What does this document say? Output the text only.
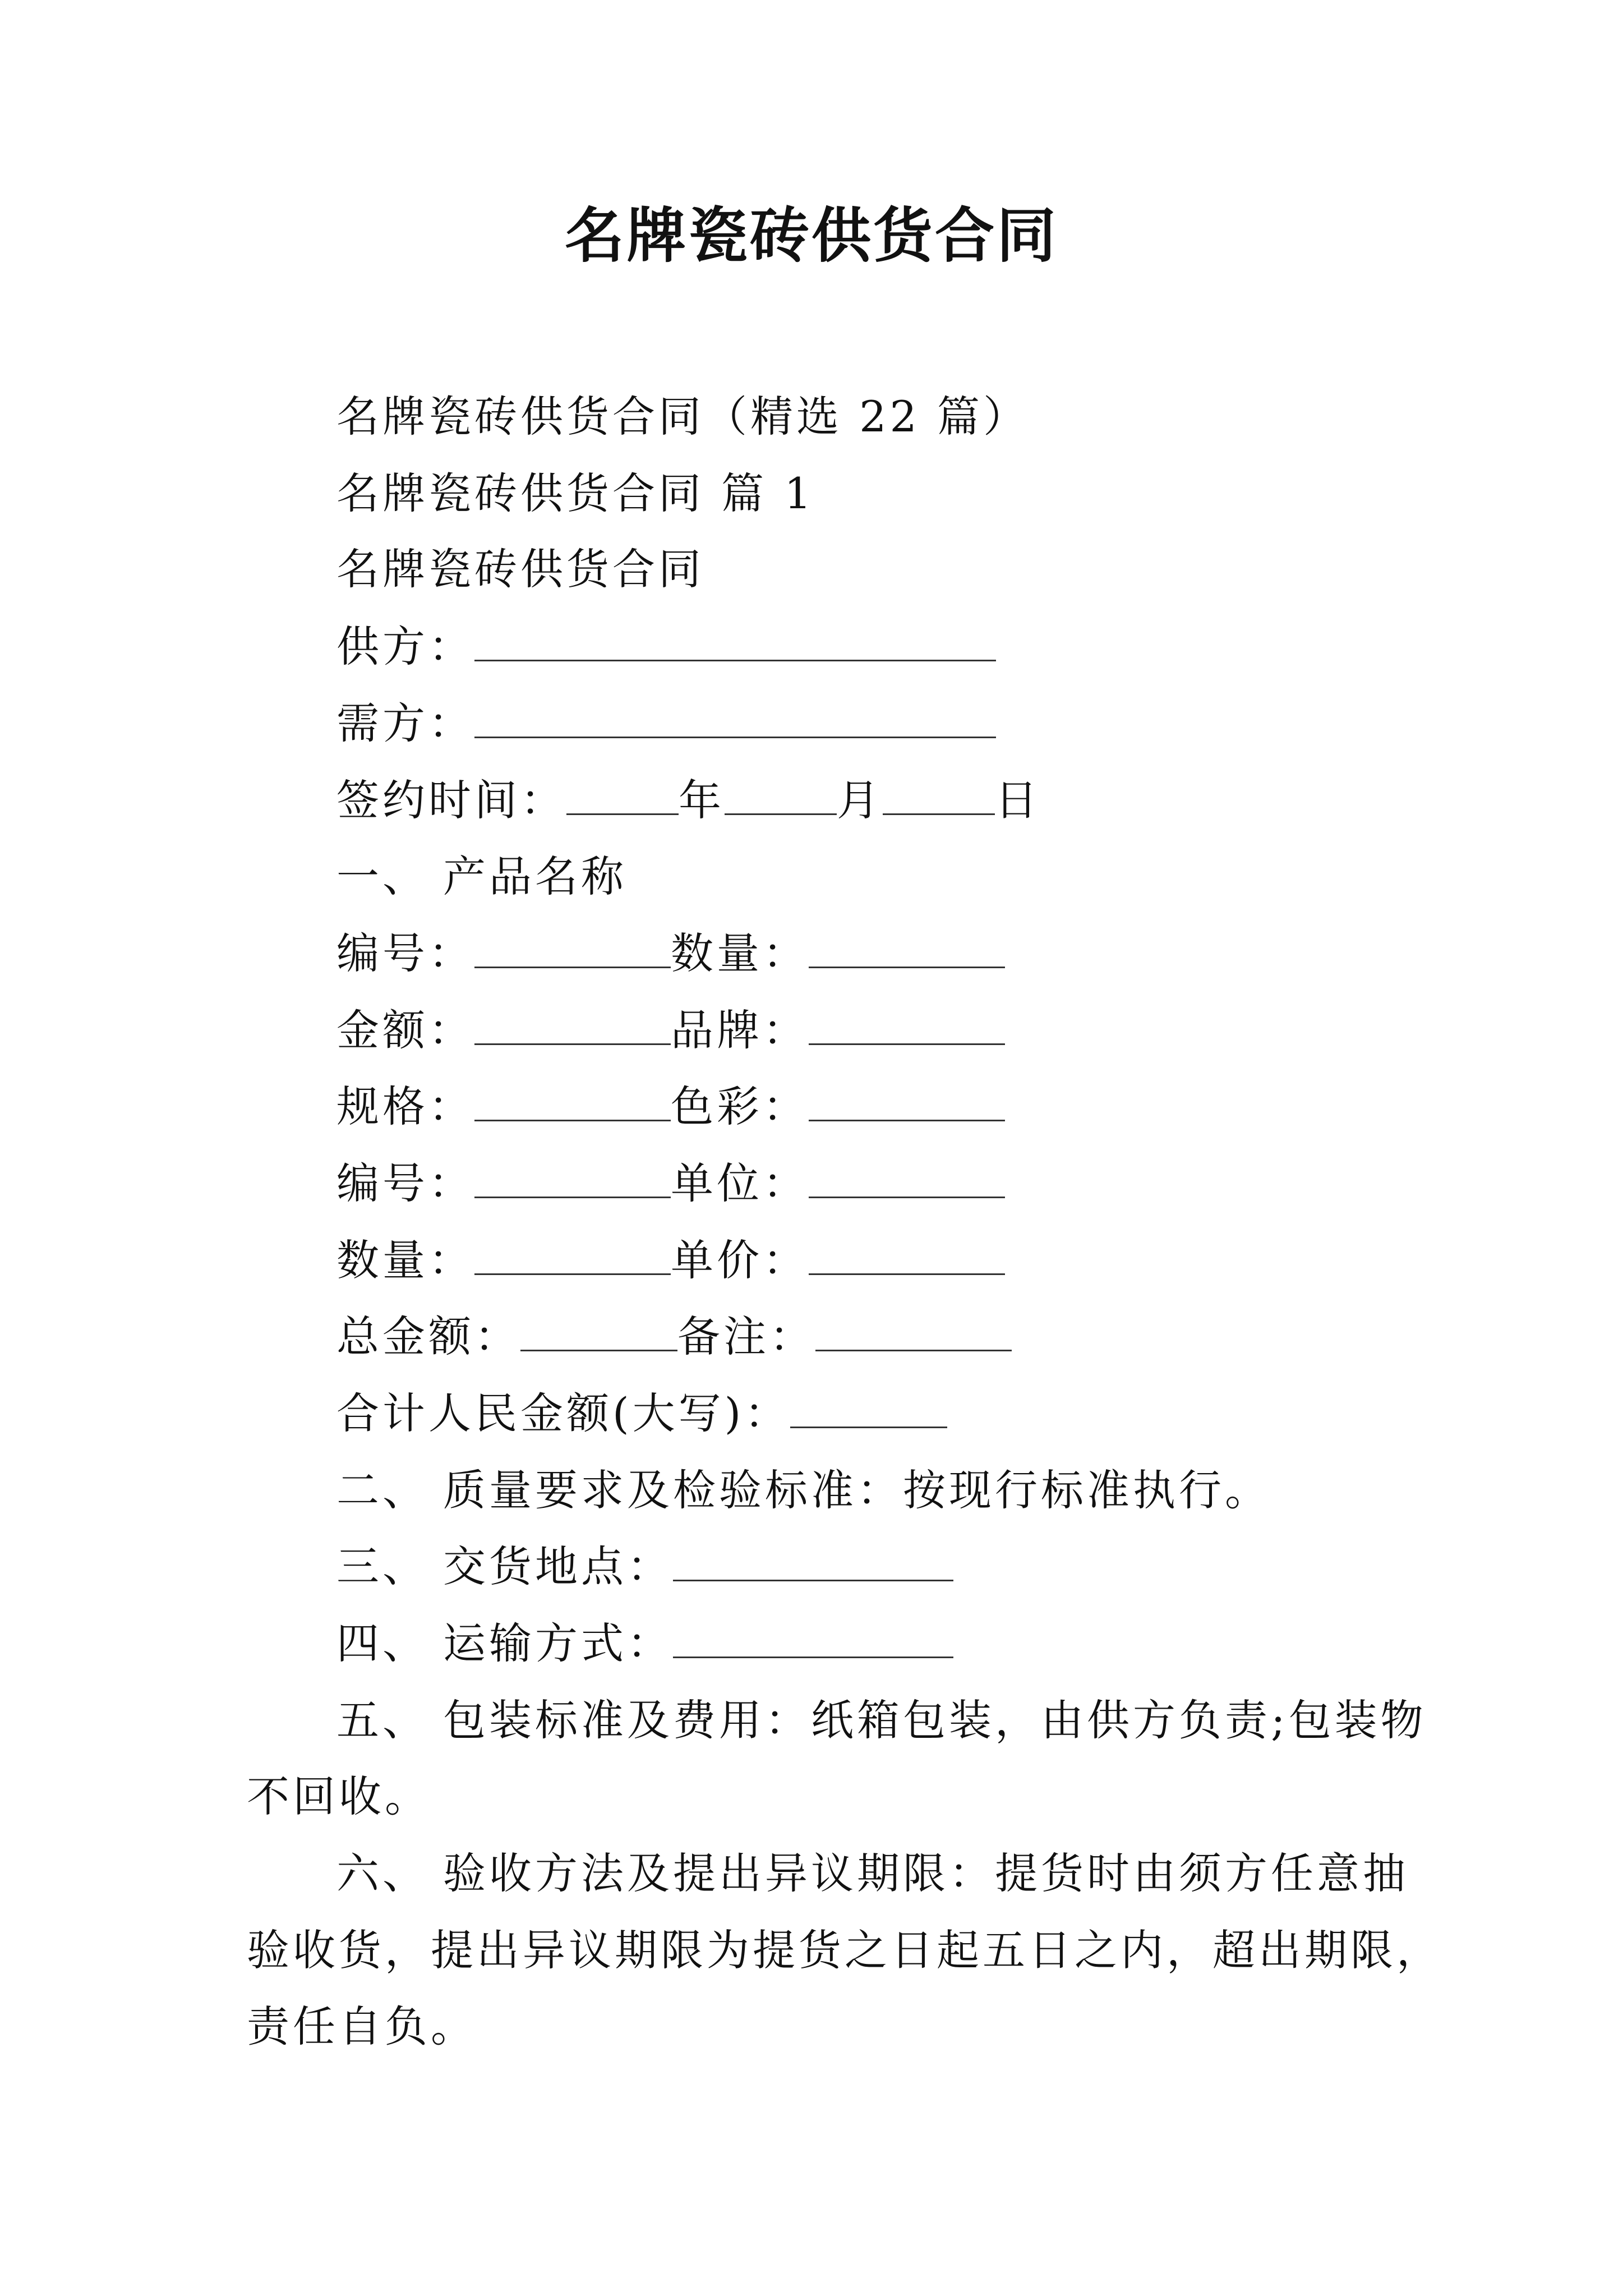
名牌瓷砖供货合同
名牌瓷砖供货合同（精选 22 篇）
名牌瓷砖供货合同 篇 1
名牌瓷砖供货合同
供方：
需方：
签约时间：	年	月	日
一、 产品名称
编号：	数量：
金额：	品牌：
规格：	色彩：
编号：	单位：
数量：	单价：
总金额：	备注：
合计人民金额(大写)：
二、 质量要求及检验标准：按现行标准执行。
三、 交货地点：
四、 运输方式：
五、 包装标准及费用：纸箱包装，由供方负责;包装物
不回收。
六、 验收方法及提出异议期限：提货时由须方任意抽
验收货，提出异议期限为提货之日起五日之内，超出期限，
责任自负。
